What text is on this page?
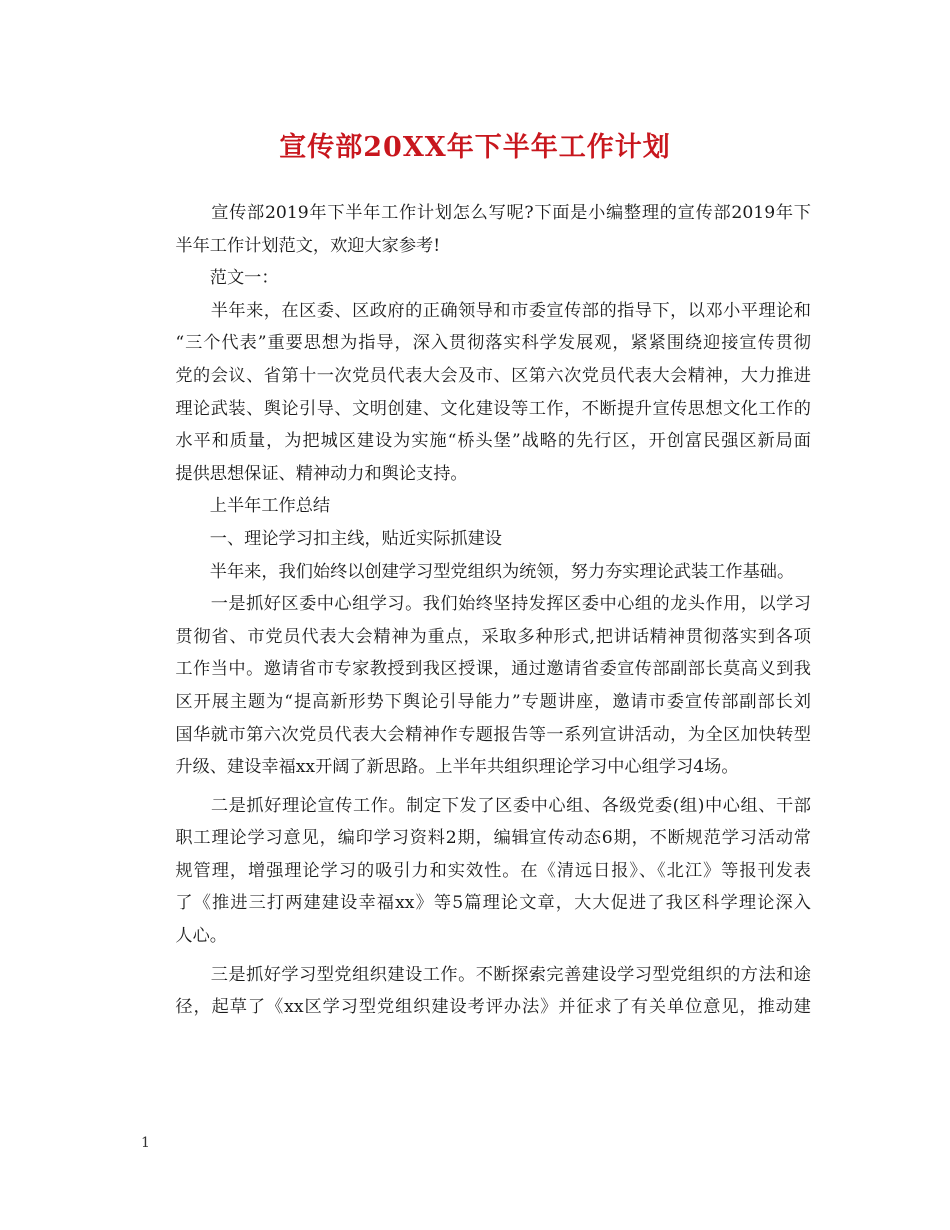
宣传部20XX年下半年工作计划
　　宣传部2019年下半年工作计划怎么写呢?下面是小编整理的宣传部2019年下
半年工作计划范文，欢迎大家参考!
　　范文一：
　　半年来，在区委、区政府的正确领导和市委宣传部的指导下，以邓小平理论和
“三个代表”重要思想为指导，深入贯彻落实科学发展观，紧紧围绕迎接宣传贯彻
党的会议、省第十一次党员代表大会及市、区第六次党员代表大会精神，大力推进
理论武装、舆论引导、文明创建、文化建设等工作，不断提升宣传思想文化工作的
水平和质量，为把城区建设为实施“桥头堡”战略的先行区，开创富民强区新局面
提供思想保证、精神动力和舆论支持。
　　上半年工作总结
　　一、理论学习扣主线，贴近实际抓建设
　　半年来，我们始终以创建学习型党组织为统领，努力夯实理论武装工作基础。
　　一是抓好区委中心组学习。我们始终坚持发挥区委中心组的龙头作用，以学习
贯彻省、市党员代表大会精神为重点，采取多种形式,把讲话精神贯彻落实到各项
工作当中。邀请省市专家教授到我区授课，通过邀请省委宣传部副部长莫高义到我
区开展主题为“提高新形势下舆论引导能力”专题讲座，邀请市委宣传部副部长刘
国华就市第六次党员代表大会精神作专题报告等一系列宣讲活动，为全区加快转型
升级、建设幸福xx开阔了新思路。上半年共组织理论学习中心组学习4场。
　　二是抓好理论宣传工作。制定下发了区委中心组、各级党委(组)中心组、干部
职工理论学习意见，编印学习资料2期，编辑宣传动态6期，不断规范学习活动常
规管理，增强理论学习的吸引力和实效性。在《清远日报》、《北江》等报刊发表
了《推进三打两建建设幸福xx》等5篇理论文章，大大促进了我区科学理论深入
人心。
　　三是抓好学习型党组织建设工作。不断探索完善建设学习型党组织的方法和途
径，起草了《xx区学习型党组织建设考评办法》并征求了有关单位意见，推动建
1
